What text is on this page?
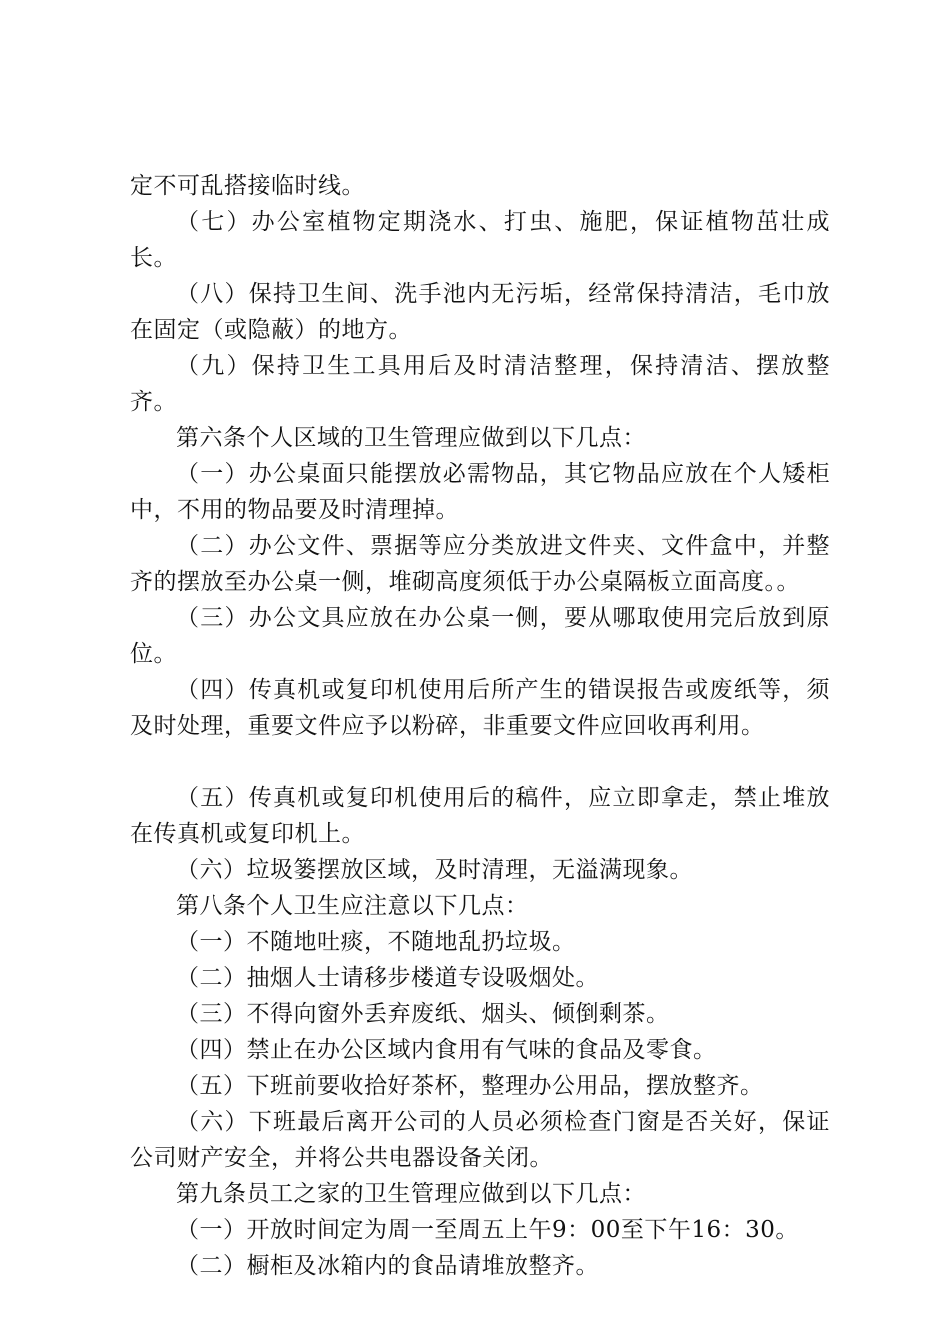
定不可乱搭接临时线。

（七）办公室植物定期浇水、打虫、施肥，保证植物茁壮成长。

（八）保持卫生间、洗手池内无污垢，经常保持清洁，毛巾放在固定（或隐蔽）的地方。

（九）保持卫生工具用后及时清洁整理，保持清洁、摆放整齐。

第六条个人区域的卫生管理应做到以下几点：

（一）办公桌面只能摆放必需物品，其它物品应放在个人矮柜中，不用的物品要及时清理掉。

（二）办公文件、票据等应分类放进文件夹、文件盒中，并整齐的摆放至办公桌一侧，堆砌高度须低于办公桌隔板立面高度。。

（三）办公文具应放在办公桌一侧，要从哪取使用完后放到原位。

（四）传真机或复印机使用后所产生的错误报告或废纸等，须及时处理，重要文件应予以粉碎，非重要文件应回收再利用。

（五）传真机或复印机使用后的稿件，应立即拿走，禁止堆放在传真机或复印机上。

（六）垃圾篓摆放区域，及时清理，无溢满现象。

第八条个人卫生应注意以下几点：

（一）不随地吐痰，不随地乱扔垃圾。

（二）抽烟人士请移步楼道专设吸烟处。

（三）不得向窗外丢弃废纸、烟头、倾倒剩茶。

（四）禁止在办公区域内食用有气味的食品及零食。

（五）下班前要收拾好茶杯，整理办公用品，摆放整齐。

（六）下班最后离开公司的人员必须检查门窗是否关好，保证公司财产安全，并将公共电器设备关闭。

第九条员工之家的卫生管理应做到以下几点：

（一）开放时间定为周一至周五上午9：00至下午16：30。

（二）橱柜及冰箱内的食品请堆放整齐。
